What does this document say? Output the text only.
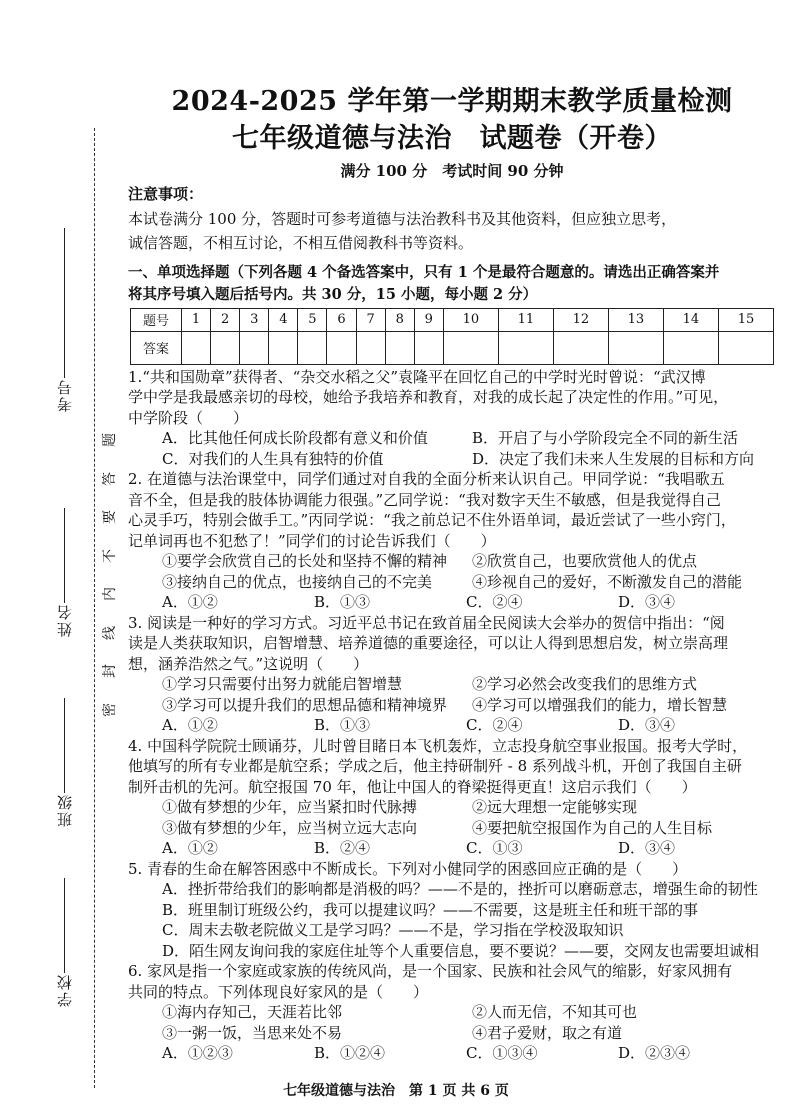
学校
班级
姓名
考号
题
答
要
不
内
线
封
密
2024-2025 学年第一学期期末教学质量检测
七年级道德与法治　试题卷（开卷）
满分 100 分　考试时间 90 分钟

注意事项：

本试卷满分 100 分，答题时可参考道德与法治教科书及其他资料，但应独立思考，

诚信答题，不相互讨论，不相互借阅教科书等资料。

一、单项选择题（下列各题 4 个备选答案中，只有 1 个是最符合题意的。请选出正确答案并
将其序号填入题后括号内。共 30 分，15 小题，每小题 2 分）
题号	1	2	3	4	5	6	7	8	9	10	11	12	13	14	15
答案															

1.“共和国勋章”获得者、“杂交水稻之父”袁隆平在回忆自己的中学时光时曾说：“武汉博

学中学是我最感亲切的母校，她给予我培养和教育，对我的成长起了决定性的作用。”可见，

中学阶段（　　）

A．比其他任何成长阶段都有意义和价值	B．开启了与小学阶段完全不同的新生活
C．对我们的人生具有独特的价值	D．决定了我们未来人生发展的目标和方向

2. 在道德与法治课堂中，同学们通过对自我的全面分析来认识自己。甲同学说：“我唱歌五

音不全，但是我的肢体协调能力很强。”乙同学说：“我对数字天生不敏感，但是我觉得自己

心灵手巧，特别会做手工。”丙同学说：“我之前总记不住外语单词，最近尝试了一些小窍门，

记单词再也不犯愁了！”同学们的讨论告诉我们（　　）

①要学会欣赏自己的长处和坚持不懈的精神	②欣赏自己，也要欣赏他人的优点
③接纳自己的优点，也接纳自己的不完美	④珍视自己的爱好，不断激发自己的潜能
A．①②	B．①③	C．②④	D．③④

3. 阅读是一种好的学习方式。习近平总书记在致首届全民阅读大会举办的贺信中指出：“阅

读是人类获取知识，启智增慧、培养道德的重要途径，可以让人得到思想启发，树立崇高理

想，涵养浩然之气。”这说明（　　）

①学习只需要付出努力就能启智增慧	②学习必然会改变我们的思维方式
③学习可以提升我们的思想品德和精神境界	④学习可以增强我们的能力，增长智慧
A．①②	B．①③	C．②④	D．③④

4. 中国科学院院士顾诵芬，儿时曾目睹日本飞机轰炸，立志投身航空事业报国。报考大学时，

他填写的所有专业都是航空系；学成之后，他主持研制歼 - 8 系列战斗机，开创了我国自主研

制歼击机的先河。航空报国 70 年，他让中国人的脊梁挺得更直！这启示我们（　　）

①做有梦想的少年，应当紧扣时代脉搏	②远大理想一定能够实现
③做有梦想的少年，应当树立远大志向	④要把航空报国作为自己的人生目标
A．①②	B．②④	C．①③	D．③④

5. 青春的生命在解答困惑中不断成长。下列对小健同学的困惑回应正确的是（　　）

A．挫折带给我们的影响都是消极的吗？——不是的，挫折可以磨砺意志，增强生命的韧性
B．班里制订班级公约，我可以提建议吗？——不需要，这是班主任和班干部的事
C．周末去敬老院做义工是学习吗？——不是，学习指在学校汲取知识
D．陌生网友询问我的家庭住址等个人重要信息，要不要说？——要，交网友也需要坦诚相

6. 家风是指一个家庭或家族的传统风尚，是一个国家、民族和社会风气的缩影，好家风拥有

共同的特点。下列体现良好家风的是（　　）

①海内存知己，天涯若比邻	②人而无信，不知其可也
③一粥一饭，当思来处不易	④君子爱财，取之有道
A．①②③	B．①②④	C．①③④	D．②③④
七年级道德与法治　第 1 页 共 6 页
